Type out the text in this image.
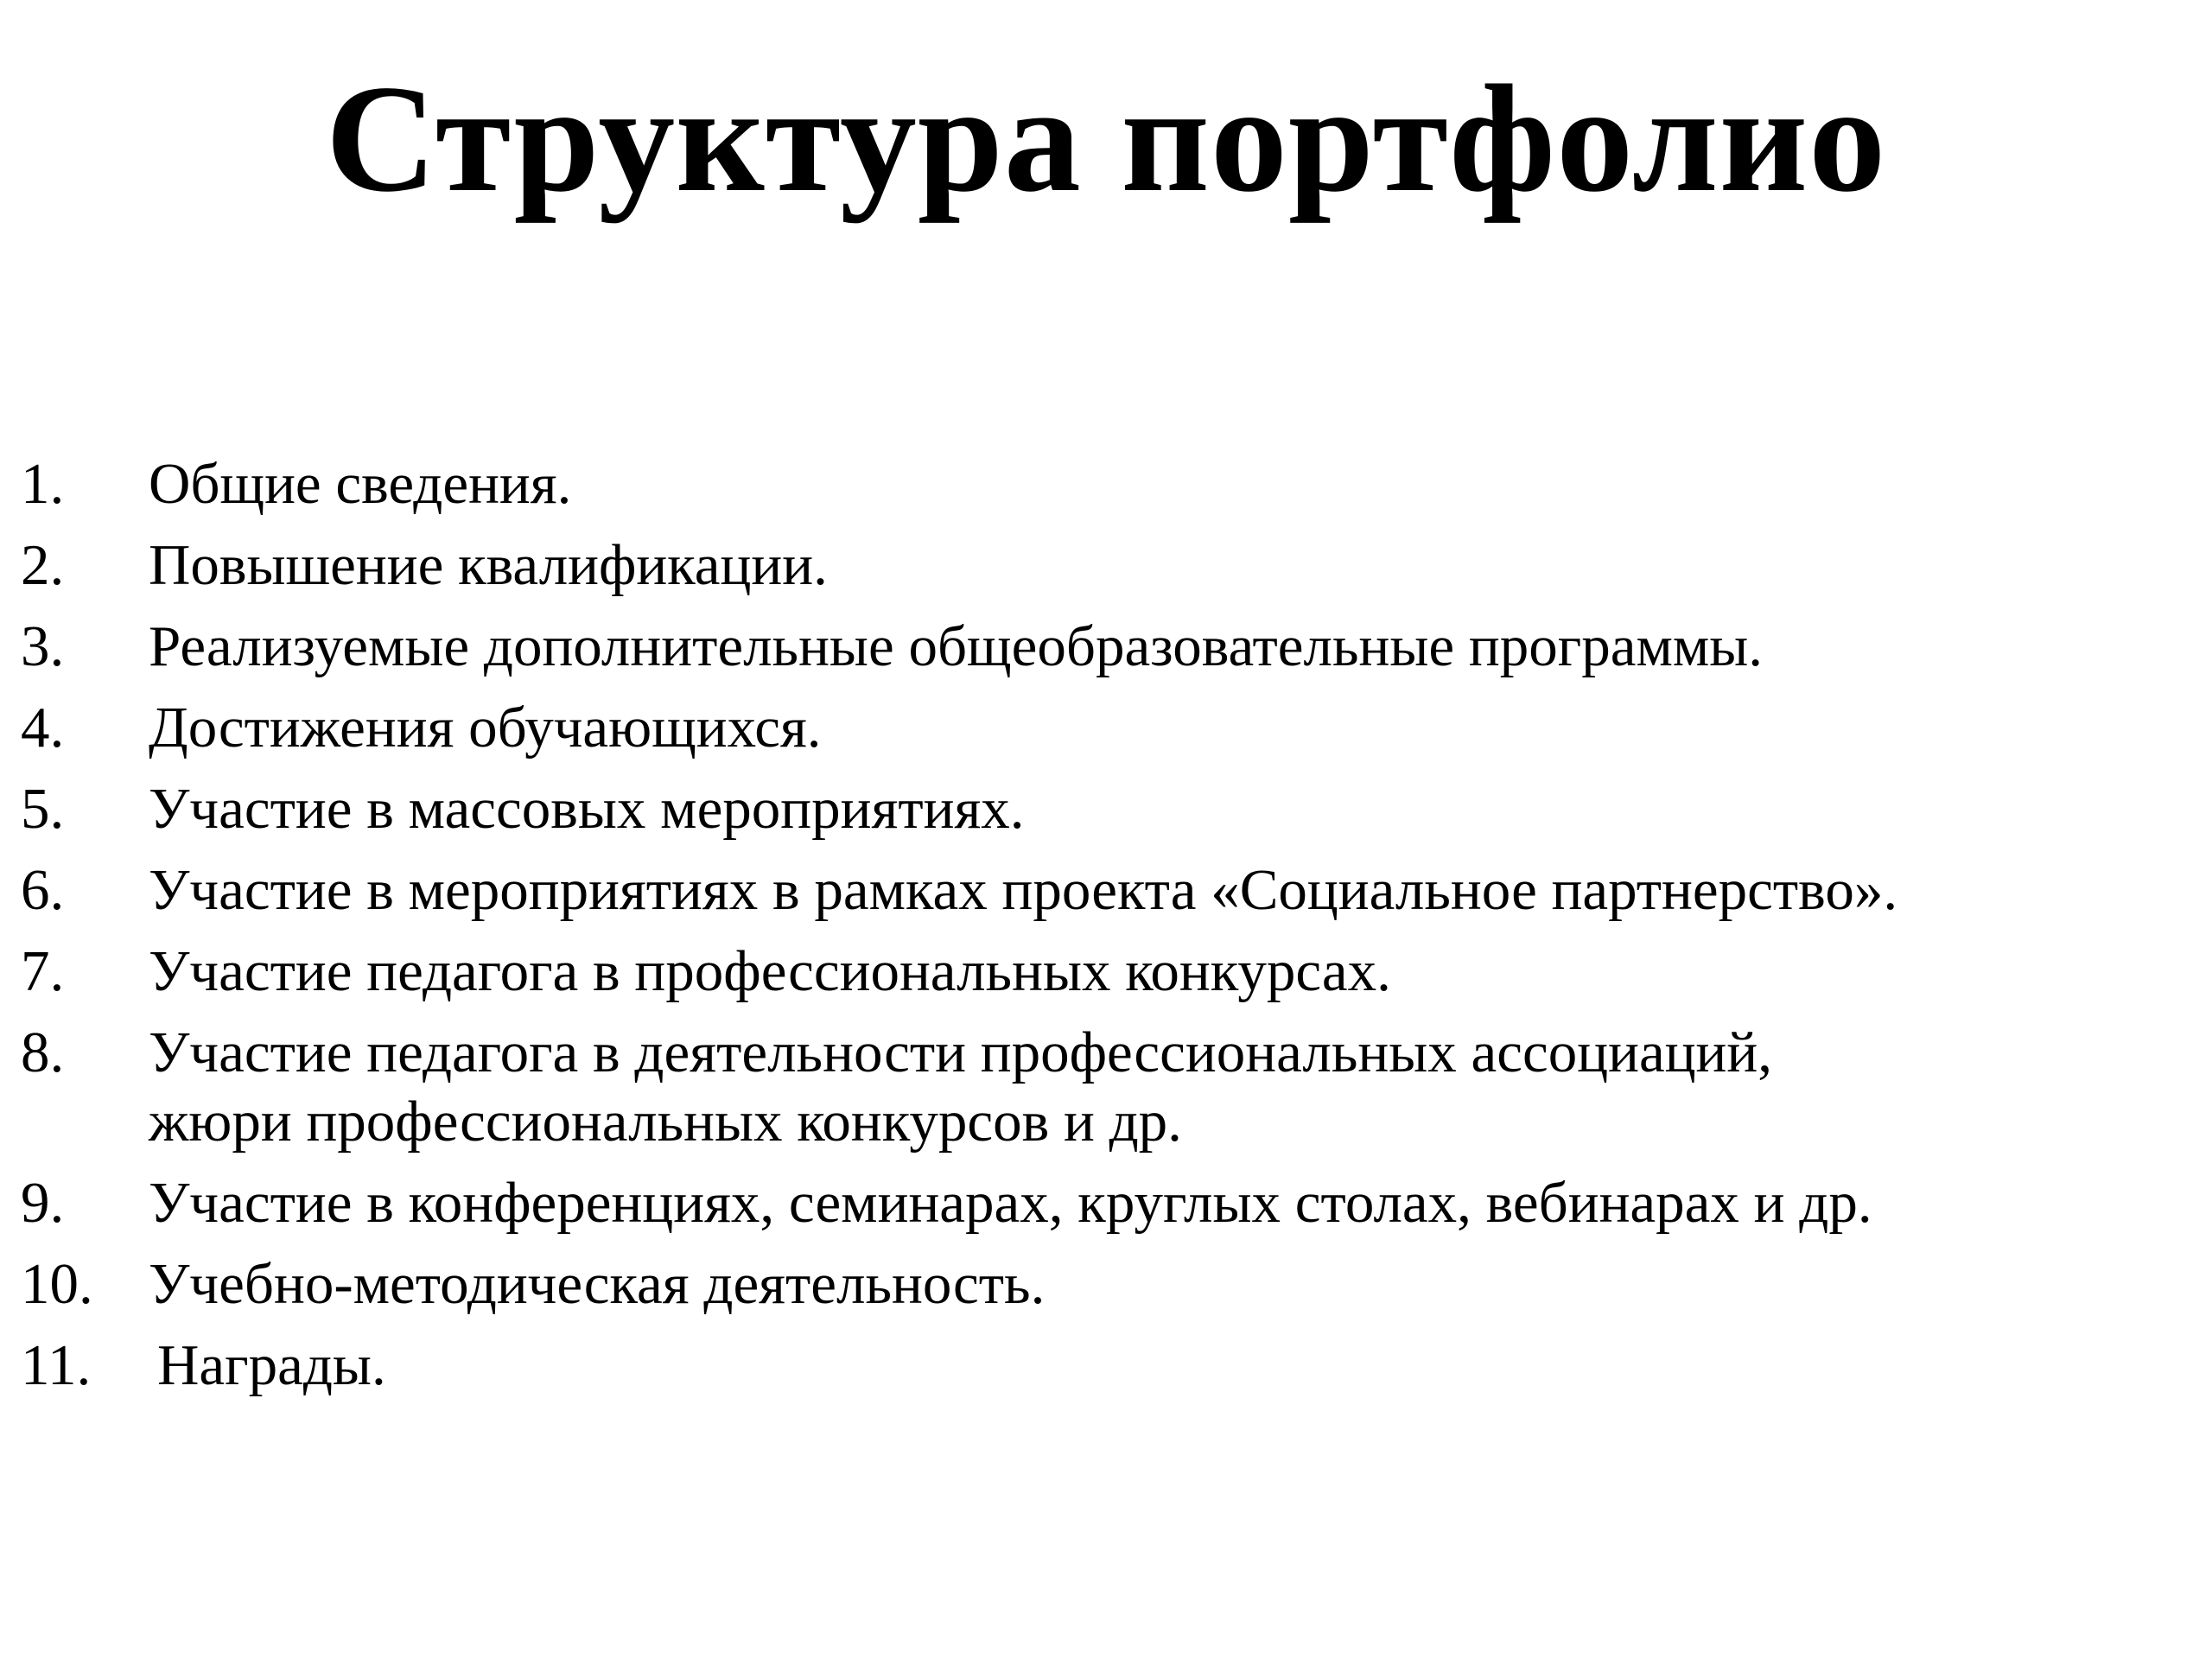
Структура портфолио
1.	Общие сведения.
2.	Повышение квалификации.
3.	Реализуемые дополнительные общеобразовательные программы.
4.	Достижения обучающихся.
5.	Участие в массовых мероприятиях.
6.	Участие в мероприятиях в рамках проекта «Социальное партнерство».
7.	Участие педагога в профессиональных конкурсах.
8.	Участие педагога в деятельности профессиональных ассоциаций,
жюри профессиональных конкурсов и др.
9.	Участие в конференциях, семинарах, круглых столах, вебинарах и др.
10. Учебно-методическая деятельность.
11.	Награды.
